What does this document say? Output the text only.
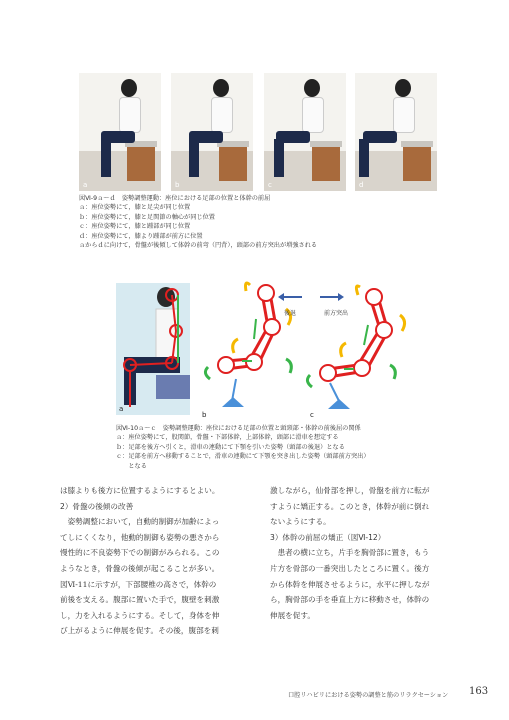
a	b	c	d
図Ⅵ-9ａ～ｄ　姿勢調整運動：座位における足部の位置と体幹の前屈
ａ：座位姿勢にて，膝と足尖が同じ位置
ｂ：座位姿勢にて，膝と足関節の軸心が同じ位置
ｃ：座位姿勢にて，膝と踵部が同じ位置
ｄ：座位姿勢にて，膝より踵部が前方に位置
ａからｄに向けて，骨盤が後傾して体幹の前弯（円背），頭部の前方突出が増強される
a
後退	前方突出
b	c
図Ⅵ-10ａ～ｃ　姿勢調整運動：座位における足部の位置と頭頸部・体幹の前後屈の関係
ａ：座位姿勢にて，股関節，骨盤・下部体幹，上部体幹，頭部に滑車を想定する
ｂ：足部を後方へ引くと，滑車の連動にて下顎を引いた姿勢（頭部の後退）となる
ｃ：足部を前方へ移動することで，滑車の連動にて下顎を突き出した姿勢（頭部前方突出）
　　となる
は膝よりも後方に位置するようにするとよい。
2）骨盤の後傾の改善
　姿勢調整において，自動的制御が加齢によっ
てしにくくなり，他動的制御も姿勢の悪さから
慢性的に不良姿勢下での制御がみられる。この
ようなとき，骨盤の後傾が起こることが多い。
図Ⅵ-11に示すが，下部腰椎の高さで，体幹の
前後を支える。腹部に置いた手で，腹壁を刺激
し，力を入れるようにする。そして，身体を伸
び上がるように伸展を促す。その後，腹部を刺
激しながら，仙骨部を押し，骨盤を前方に転が
すように矯正する。このとき，体幹が前に倒れ
ないようにする。
3）体幹の前屈の矯正（図Ⅵ-12）
　患者の横に立ち，片手を胸骨部に置き，もう
片方を骨部の一番突出したところに置く。後方
から体幹を伸展させるように，水平に押しなが
ら，胸骨部の手を垂直上方に移動させ，体幹の
伸展を促す。
口腔リハビリにおける姿勢の調整と筋のリラクセーション 163
